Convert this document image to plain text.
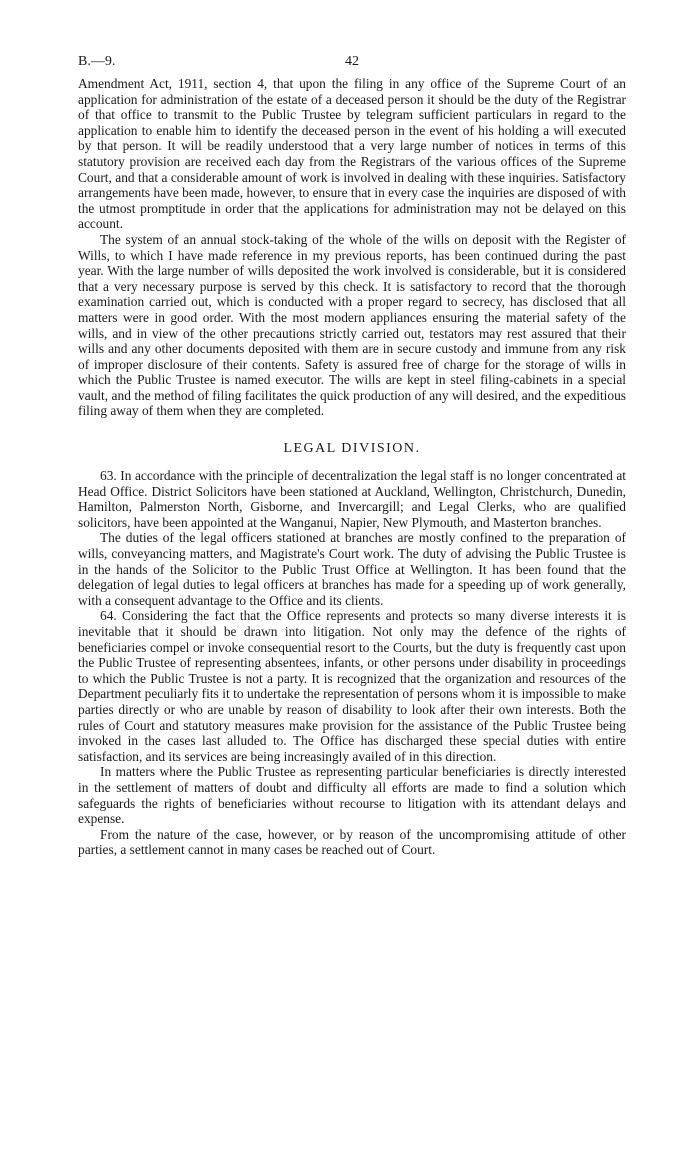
B.—9.	42

Amendment Act, 1911, section 4, that upon the filing in any office of the Supreme Court of an application for administration of the estate of a deceased person it should be the duty of the Registrar of that office to transmit to the Public Trustee by telegram sufficient particulars in regard to the application to enable him to identify the deceased person in the event of his holding a will executed by that person. It will be readily understood that a very large number of notices in terms of this statutory provision are received each day from the Registrars of the various offices of the Supreme Court, and that a considerable amount of work is involved in dealing with these inquiries. Satisfactory arrangements have been made, however, to ensure that in every case the inquiries are disposed of with the utmost promptitude in order that the applications for administration may not be delayed on this account.

The system of an annual stock-taking of the whole of the wills on deposit with the Register of Wills, to which I have made reference in my previous reports, has been continued during the past year. With the large number of wills deposited the work involved is considerable, but it is considered that a very necessary purpose is served by this check. It is satisfactory to record that the thorough examination carried out, which is conducted with a proper regard to secrecy, has disclosed that all matters were in good order. With the most modern appliances ensuring the material safety of the wills, and in view of the other precautions strictly carried out, testators may rest assured that their wills and any other documents deposited with them are in secure custody and immune from any risk of improper disclosure of their contents. Safety is assured free of charge for the storage of wills in which the Public Trustee is named executor. The wills are kept in steel filing-cabinets in a special vault, and the method of filing facilitates the quick production of any will desired, and the expeditious filing away of them when they are completed.

LEGAL DIVISION.

63. In accordance with the principle of decentralization the legal staff is no longer concentrated at Head Office. District Solicitors have been stationed at Auckland, Wellington, Christchurch, Dunedin, Hamilton, Palmerston North, Gisborne, and Invercargill; and Legal Clerks, who are qualified solicitors, have been appointed at the Wanganui, Napier, New Plymouth, and Masterton branches.

The duties of the legal officers stationed at branches are mostly confined to the preparation of wills, conveyancing matters, and Magistrate's Court work. The duty of advising the Public Trustee is in the hands of the Solicitor to the Public Trust Office at Wellington. It has been found that the delegation of legal duties to legal officers at branches has made for a speeding up of work generally, with a consequent advantage to the Office and its clients.

64. Considering the fact that the Office represents and protects so many diverse interests it is inevitable that it should be drawn into litigation. Not only may the defence of the rights of beneficiaries compel or invoke consequential resort to the Courts, but the duty is frequently cast upon the Public Trustee of representing absentees, infants, or other persons under disability in proceedings to which the Public Trustee is not a party. It is recognized that the organization and resources of the Department peculiarly fits it to undertake the representation of persons whom it is impossible to make parties directly or who are unable by reason of disability to look after their own interests. Both the rules of Court and statutory measures make provision for the assistance of the Public Trustee being invoked in the cases last alluded to. The Office has discharged these special duties with entire satisfaction, and its services are being increasingly availed of in this direction.

In matters where the Public Trustee as representing particular beneficiaries is directly interested in the settlement of matters of doubt and difficulty all efforts are made to find a solution which safeguards the rights of beneficiaries without recourse to litigation with its attendant delays and expense.

From the nature of the case, however, or by reason of the uncompromising attitude of other parties, a settlement cannot in many cases be reached out of Court.
